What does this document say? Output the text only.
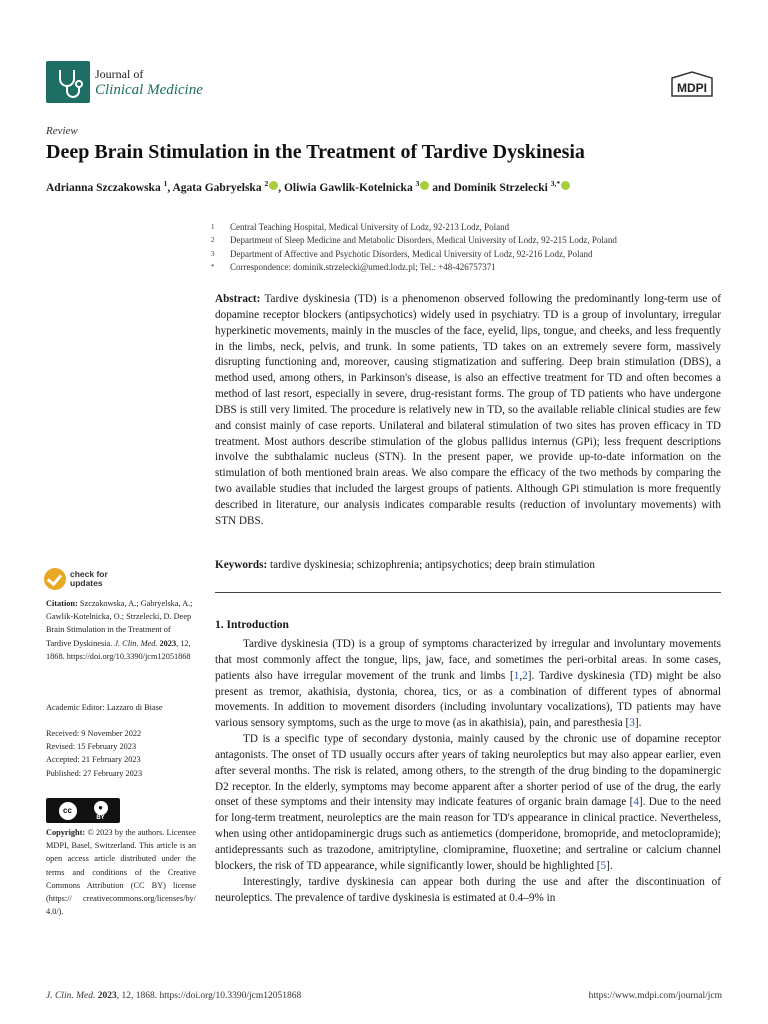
Journal of
Clinical Medicine	MDPI
Review
Deep Brain Stimulation in the Treatment of Tardive Dyskinesia
Adrianna Szczakowska $^1$, Agata Gabryelska $^2$ , Oliwia Gawlik-Kotelnicka $^3$ and Dominik Strzelecki $^{3,*}$
1	Central Teaching Hospital, Medical University of Lodz, 92-213 Lodz, Poland
2	Department of Sleep Medicine and Metabolic Disorders, Medical University of Lodz, 92-215 Lodz, Poland
3	Department of Affective and Psychotic Disorders, Medical University of Lodz, 92-216 Lodz, Poland
*	Correspondence: dominik.strzelecki@umed.lodz.pl; Tel.: +48-426757371
Abstract: Tardive dyskinesia (TD) is a phenomenon observed following the predominantly long-term use of dopamine receptor blockers (antipsychotics) widely used in psychiatry. TD is a group of involuntary, irregular hyperkinetic movements, mainly in the muscles of the face, eyelid, lips, tongue, and cheeks, and less frequently in the limbs, neck, pelvis, and trunk. In some patients, TD takes on an extremely severe form, massively disrupting functioning and, moreover, causing stigmatization and suffering. Deep brain stimulation (DBS), a method used, among others, in Parkinson's disease, is also an effective treatment for TD and often becomes a method of last resort, especially in severe, drug-resistant forms. The group of TD patients who have undergone DBS is still very limited. The procedure is relatively new in TD, so the available reliable clinical studies are few and consist mainly of case reports. Unilateral and bilateral stimulation of two sites has proven efficacy in TD treatment. Most authors describe stimulation of the globus pallidus internus (GPi); less frequent descriptions involve the subthalamic nucleus (STN). In the present paper, we provide up-to-date information on the stimulation of both mentioned brain areas. We also compare the efficacy of the two methods by comparing the two available studies that included the largest groups of patients. Although GPi stimulation is more frequently described in literature, our analysis indicates comparable results (reduction of involuntary movements) with STN DBS.
Keywords: tardive dyskinesia; schizophrenia; antipsychotics; deep brain stimulation
1. Introduction

Tardive dyskinesia (TD) is a group of symptoms characterized by irregular and involuntary movements that most commonly affect the tongue, lips, jaw, face, and sometimes the peri-orbital areas. In some cases, patients also have irregular movement of the trunk and limbs [1,2]. Tardive dyskinesia (TD) might be also present as tremor, akathisia, dystonia, chorea, tics, or as a combination of different types of abnormal movements. In addition to movement disorders (including involuntary vocalizations), TD patients may have various sensory symptoms, such as the urge to move (as in akathisia), pain, and paresthesia [3].

TD is a specific type of secondary dystonia, mainly caused by the chronic use of dopamine receptor antagonists. The onset of TD usually occurs after years of taking neuroleptics but may also appear earlier, even after several months. The risk is related, among others, to the strength of the drug binding to the dopaminergic D2 receptor. In the elderly, symptoms may become apparent after a shorter period of use of the drug, the early onset of these symptoms and their intensity may indicate features of organic brain damage [4]. Due to the need for long-term treatment, neuroleptics are the main reason for TD's appearance in clinical practice. Nevertheless, when using other antidopaminergic drugs such as antiemetics (domperidone, bromopride, and metoclopramide); antidepressants such as trazodone, amitriptyline, clomipramine, fluoxetine; and sertraline or calcium channel blockers, the risk of TD appearance, while significantly lower, should be highlighted [5].

Interestingly, tardive dyskinesia can appear both during the use and after the discontinuation of neuroleptics. The prevalence of tardive dyskinesia is estimated at 0.4–9% in

check for
updates
Citation: Szczakowska, A.; Gabryelska, A.; Gawlik-Kotelnicka, O.; Strzelecki, D. Deep Brain Stimulation in the Treatment of Tardive Dyskinesia. J. Clin. Med. 2023, 12, 1868. https://doi.org/10.3390/jcm12051868
Academic Editor: Lazzaro di Biase
Received: 9 November 2022
Revised: 15 February 2023
Accepted: 21 February 2023
Published: 27 February 2023
cc	●
BY
Copyright: © 2023 by the authors. Licensee MDPI, Basel, Switzerland. This article is an open access article distributed under the terms and conditions of the Creative Commons Attribution (CC BY) license (https:// creativecommons.org/licenses/by/ 4.0/).
J. Clin. Med. 2023, 12, 1868. https://doi.org/10.3390/jcm12051868	https://www.mdpi.com/journal/jcm
